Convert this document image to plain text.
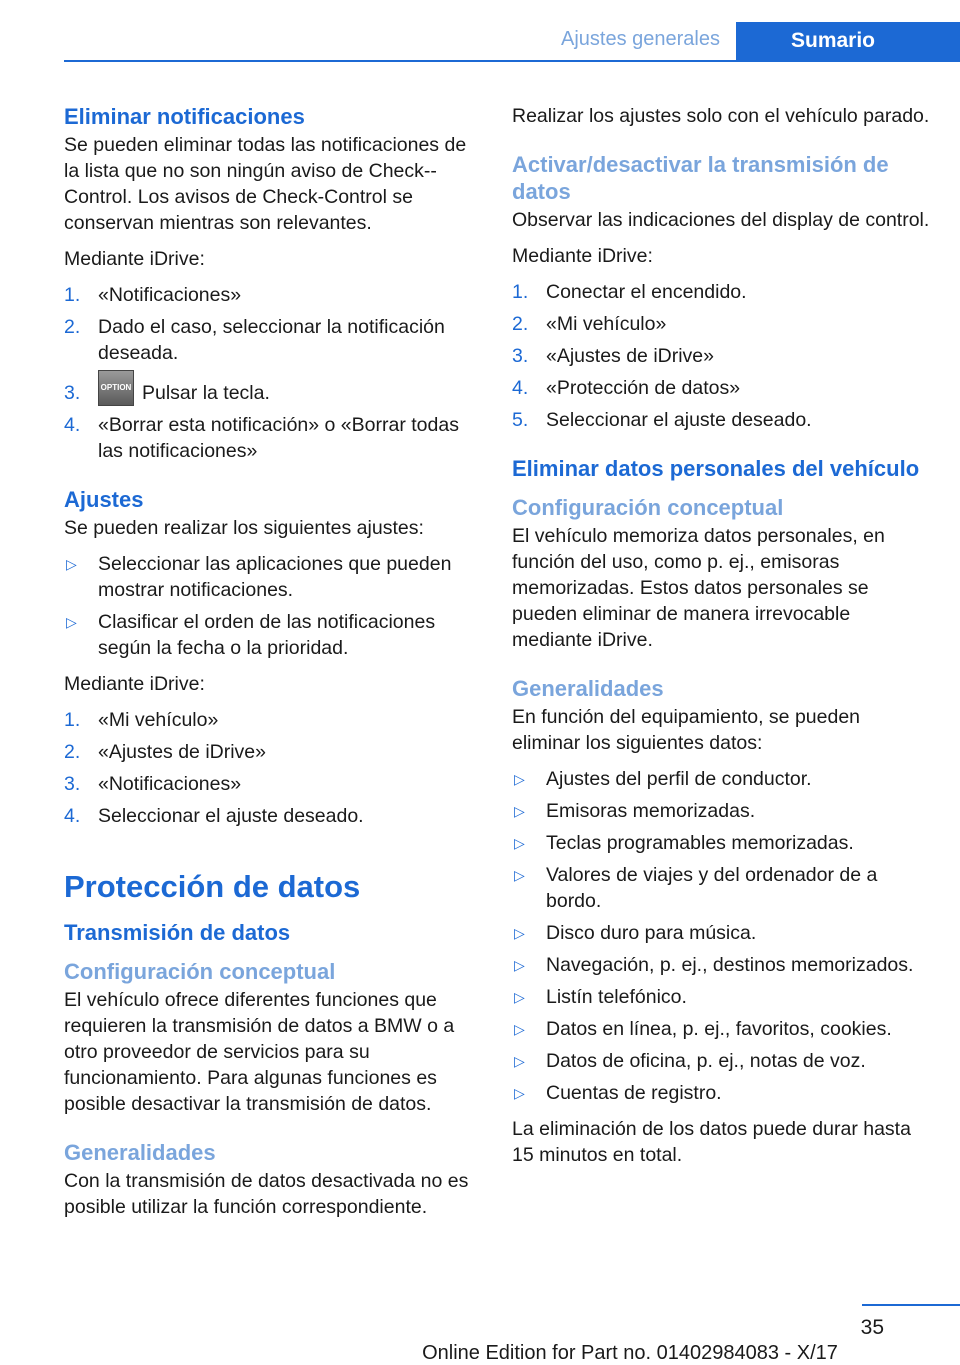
Ajustes generales	Sumario
Eliminar notificaciones

Se pueden eliminar todas las notificaciones de la lista que no son ningún aviso de Check--Control. Los avisos de Check-Control se conservan mientras son relevantes.

Mediante iDrive:

1. «Notificaciones»
2. Dado el caso, seleccionar la notificación deseada.
3.	OPTION Pulsar la tecla.
4. «Borrar esta notificación» o «Borrar todas las notificaciones»
Ajustes

Se pueden realizar los siguientes ajustes:

▷ Seleccionar las aplicaciones que pueden mostrar notificaciones.
▷ Clasificar el orden de las notificaciones según la fecha o la prioridad.

Mediante iDrive:

1. «Mi vehículo»
2. «Ajustes de iDrive»
3. «Notificaciones»
4. Seleccionar el ajuste deseado.
Protección de datos
Transmisión de datos
Configuración conceptual

El vehículo ofrece diferentes funciones que requieren la transmisión de datos a BMW o a otro proveedor de servicios para su funcionamiento. Para algunas funciones es posible desactivar la transmisión de datos.

Generalidades

Con la transmisión de datos desactivada no es posible utilizar la función correspondiente.

Realizar los ajustes solo con el vehículo parado.

Activar/desactivar la transmisión de datos

Observar las indicaciones del display de control.

Mediante iDrive:

1. Conectar el encendido.
2. «Mi vehículo»
3. «Ajustes de iDrive»
4. «Protección de datos»
5. Seleccionar el ajuste deseado.
Eliminar datos personales del vehículo
Configuración conceptual

El vehículo memoriza datos personales, en función del uso, como p. ej., emisoras memorizadas. Estos datos personales se pueden eliminar de manera irrevocable mediante iDrive.

Generalidades

En función del equipamiento, se pueden eliminar los siguientes datos:

▷ Ajustes del perfil de conductor.
▷ Emisoras memorizadas.
▷ Teclas programables memorizadas.
▷ Valores de viajes y del ordenador de a bordo.
▷ Disco duro para música.
▷ Navegación, p. ej., destinos memorizados.
▷ Listín telefónico.
▷ Datos en línea, p. ej., favoritos, cookies.
▷ Datos de oficina, p. ej., notas de voz.
▷ Cuentas de registro.

La eliminación de los datos puede durar hasta 15 minutos en total.

35
Online Edition for Part no. 01402984083 - X/17
